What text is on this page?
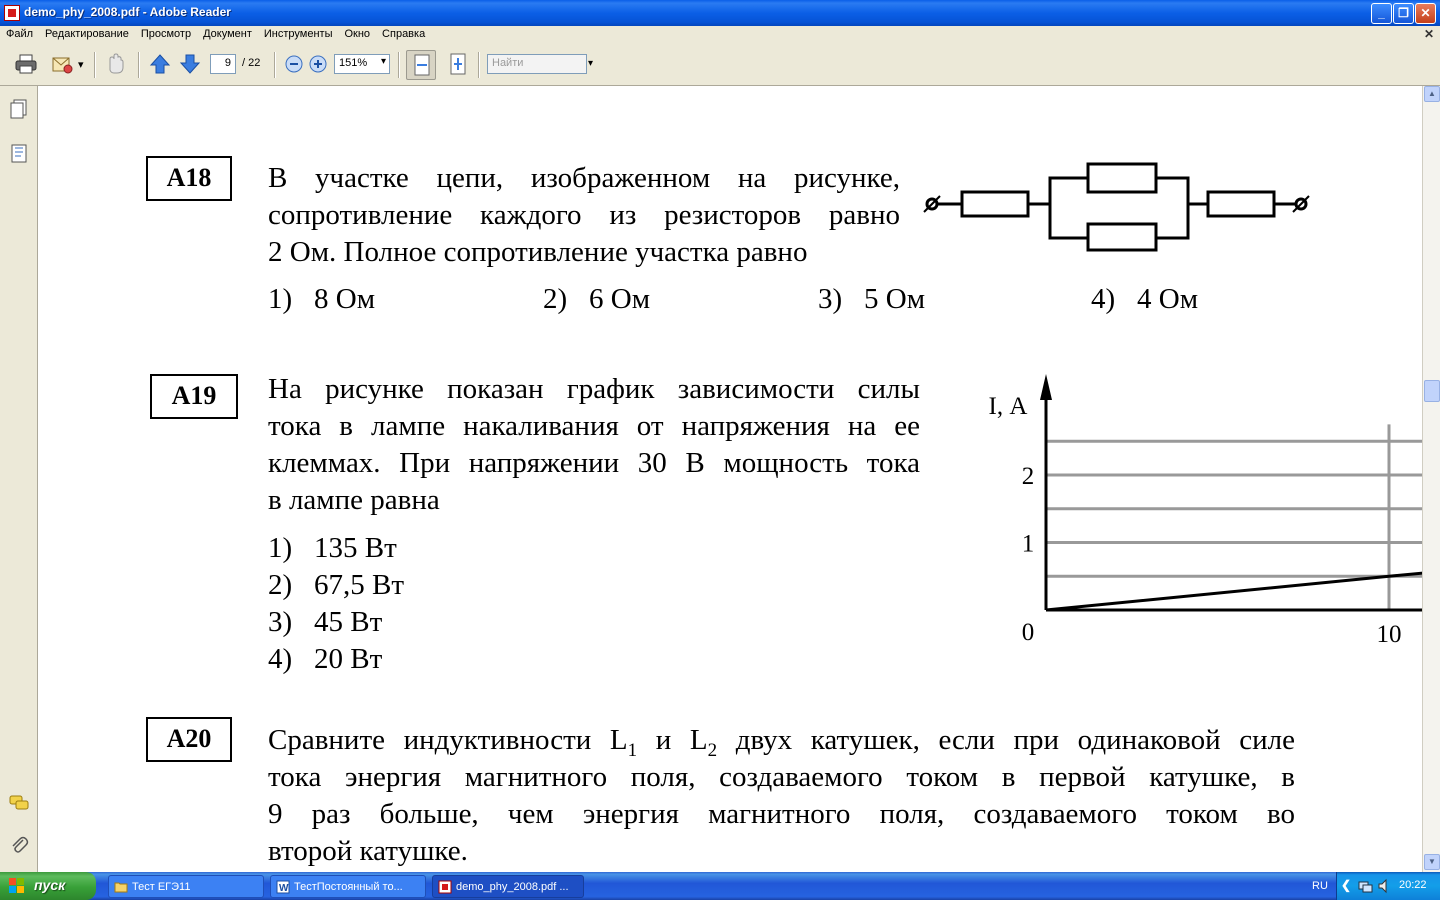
demo_phy_2008.pdf - Adobe Reader	_	❐ ✕
Файл Редактирование Просмотр Документ Инструменты Окно Справка	✕
▾	9	/ 22	151% ▾	Найти	▾
А18	В участке цепи, изображенном на рисунке,
сопротивление каждого из резисторов равно
2 Ом. Полное сопротивление участка равно
1) 8 Ом	2) 6 Ом	3) 5 Ом	4) 4 Ом
А19	На рисунке показан график зависимости силы
тока в лампе накаливания от напряжения на ее
клеммах. При напряжении 30 В мощность тока
в лампе равна
1) 135 Вт
2) 67,5 Вт
3) 45 Вт
4) 20 Вт
I, А
0	10
1
2
А20	Сравните индуктивности $L_1$ и $L_2$ двух катушек, если при одинаковой силе
тока энергия магнитного поля, создаваемого током в первой катушке, в
9 раз больше, чем энергия магнитного поля, создаваемого током во
второй катушке.
▲
▼
пуск	Тест ЕГЭ11	W ТестПостоянный то...	demo_phy_2008.pdf ...	RU ❮	20:22
